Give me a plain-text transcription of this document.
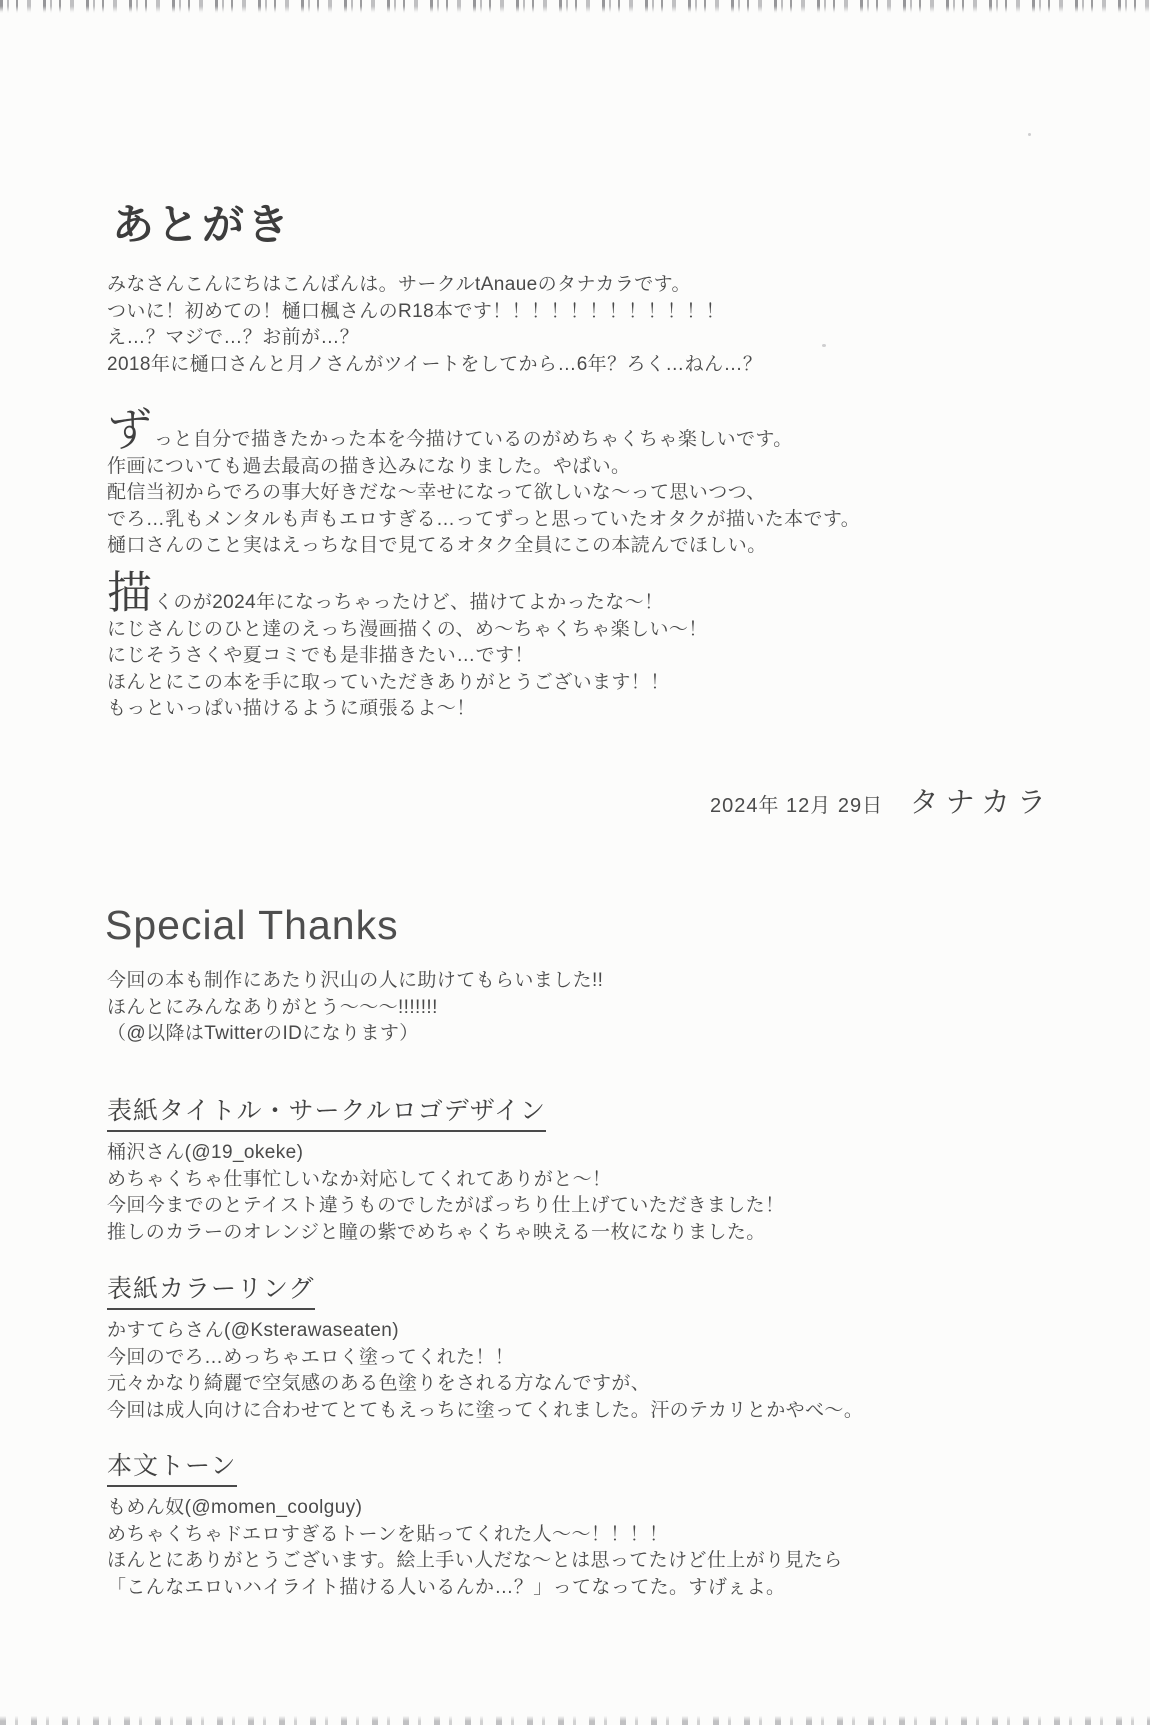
あとがき
みなさんこんにちはこんばんは。サークルtAnaueのタナカラです。
ついに！初めての！樋口楓さんのR18本です！！！！！！！！！！！！
え…？マジで…？お前が…？
2018年に樋口さんと月ノさんがツイートをしてから…6年？ろく…ねん…？
ずっと自分で描きたかった本を今描けているのがめちゃくちゃ楽しいです。
作画についても過去最高の描き込みになりました。やばい。
配信当初からでろの事大好きだな〜幸せになって欲しいな〜って思いつつ、
でろ…乳もメンタルも声もエロすぎる…ってずっと思っていたオタクが描いた本です。
樋口さんのこと実はえっちな目で見てるオタク全員にこの本読んでほしい。
描くのが2024年になっちゃったけど、描けてよかったな〜！
にじさんじのひと達のえっち漫画描くの、め〜ちゃくちゃ楽しい〜！
にじそうさくや夏コミでも是非描きたい…です！
ほんとにこの本を手に取っていただきありがとうございます！！
もっといっぱい描けるように頑張るよ〜！
2024年 12月 29日 タナカラ
Special Thanks
今回の本も制作にあたり沢山の人に助けてもらいました!!
ほんとにみんなありがとう〜〜〜!!!!!!!
（@以降はTwitterのIDになります）
表紙タイトル・サークルロゴデザイン
桶沢さん(@19_okeke)
めちゃくちゃ仕事忙しいなか対応してくれてありがと〜！
今回今までのとテイスト違うものでしたがばっちり仕上げていただきました！
推しのカラーのオレンジと瞳の紫でめちゃくちゃ映える一枚になりました。
表紙カラーリング
かすてらさん(@Ksterawaseaten)
今回のでろ…めっちゃエロく塗ってくれた！！
元々かなり綺麗で空気感のある色塗りをされる方なんですが、
今回は成人向けに合わせてとてもえっちに塗ってくれました。汗のテカリとかやべ〜。
本文トーン
もめん奴(@momen_coolguy)
めちゃくちゃドエロすぎるトーンを貼ってくれた人〜〜！！！！
ほんとにありがとうございます。絵上手い人だな〜とは思ってたけど仕上がり見たら
「こんなエロいハイライト描ける人いるんか…？」ってなってた。すげぇよ。
